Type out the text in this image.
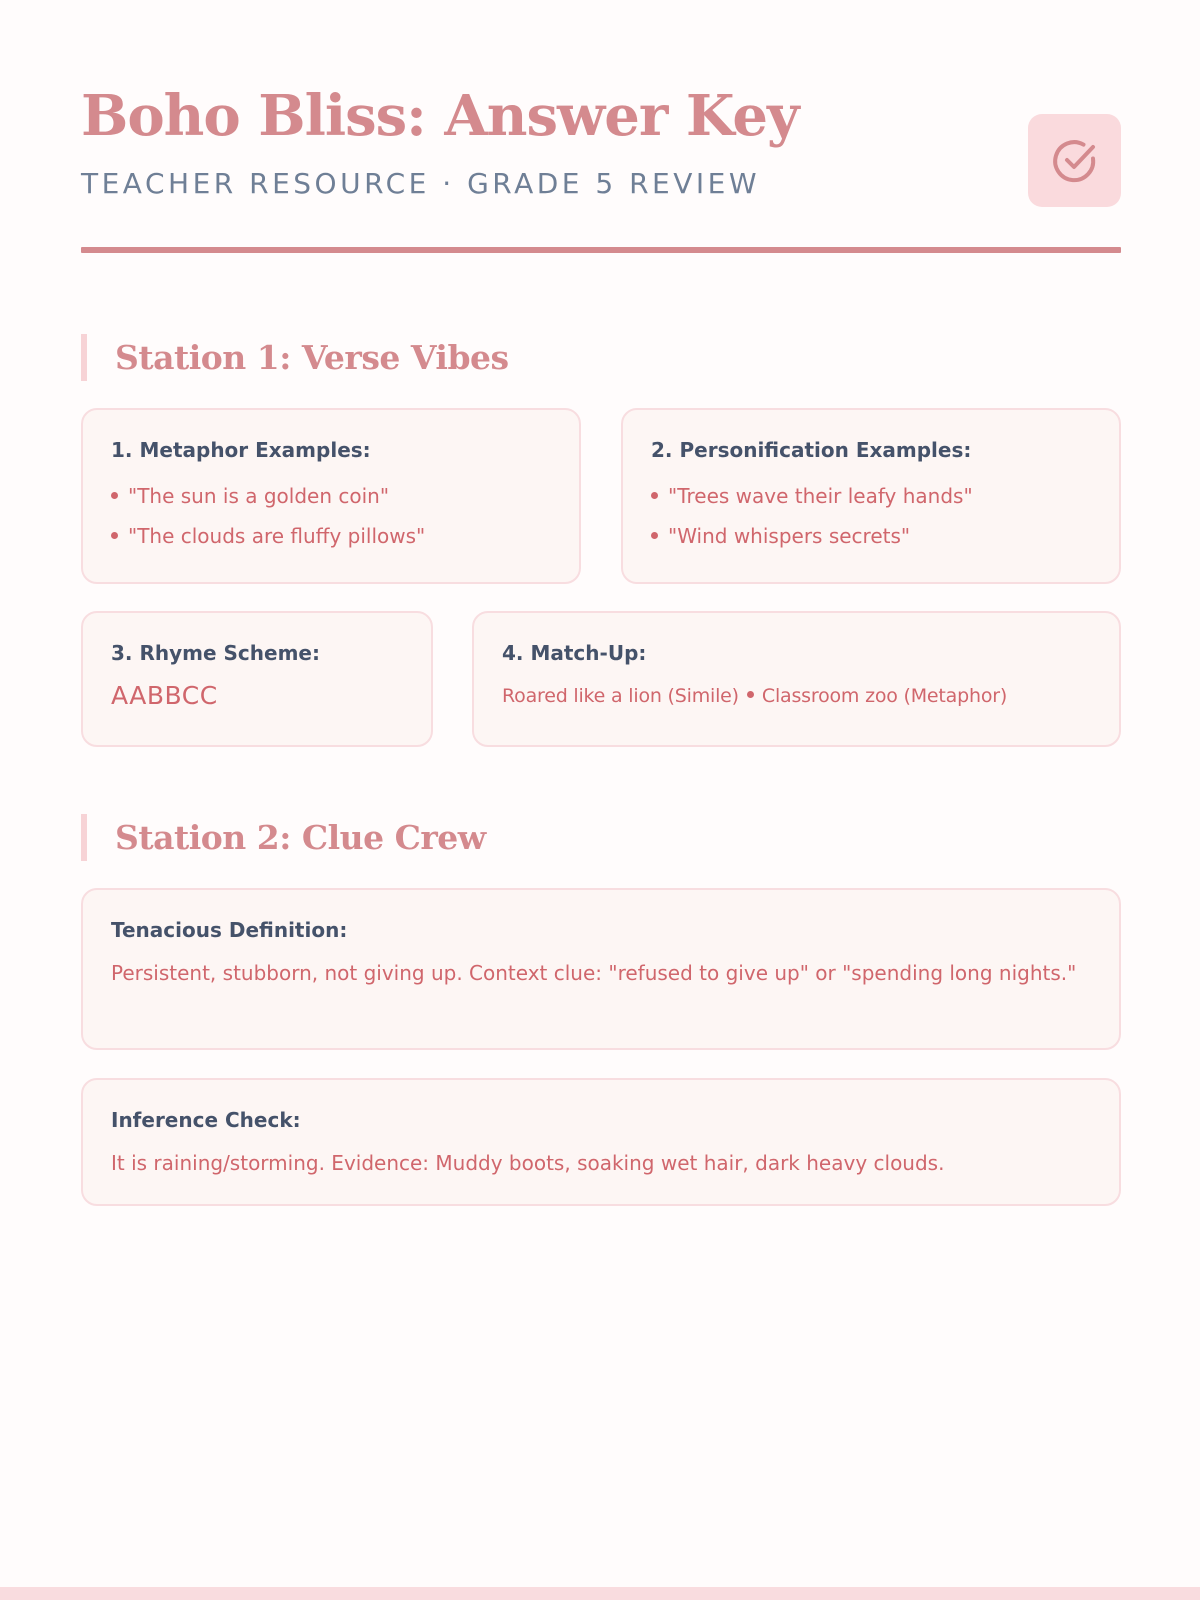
Boho Bliss: Answer Key
TEACHER RESOURCE · GRADE 5 REVIEW
Station 1: Verse Vibes
1. Metaphor Examples:
"The sun is a golden coin"
"The clouds are fluffy pillows"
2. Personification Examples:
"Trees wave their leafy hands"
"Wind whispers secrets"
3. Rhyme Scheme:
AABBCC
4. Match-Up:
Roared like a lion (Simile) Classroom zoo (Metaphor)
Station 2: Clue Crew
Tenacious Definition:
Persistent, stubborn, not giving up. Context clue: "refused to give up" or "spending long nights."
Inference Check:
It is raining/storming. Evidence: Muddy boots, soaking wet hair, dark heavy clouds.
